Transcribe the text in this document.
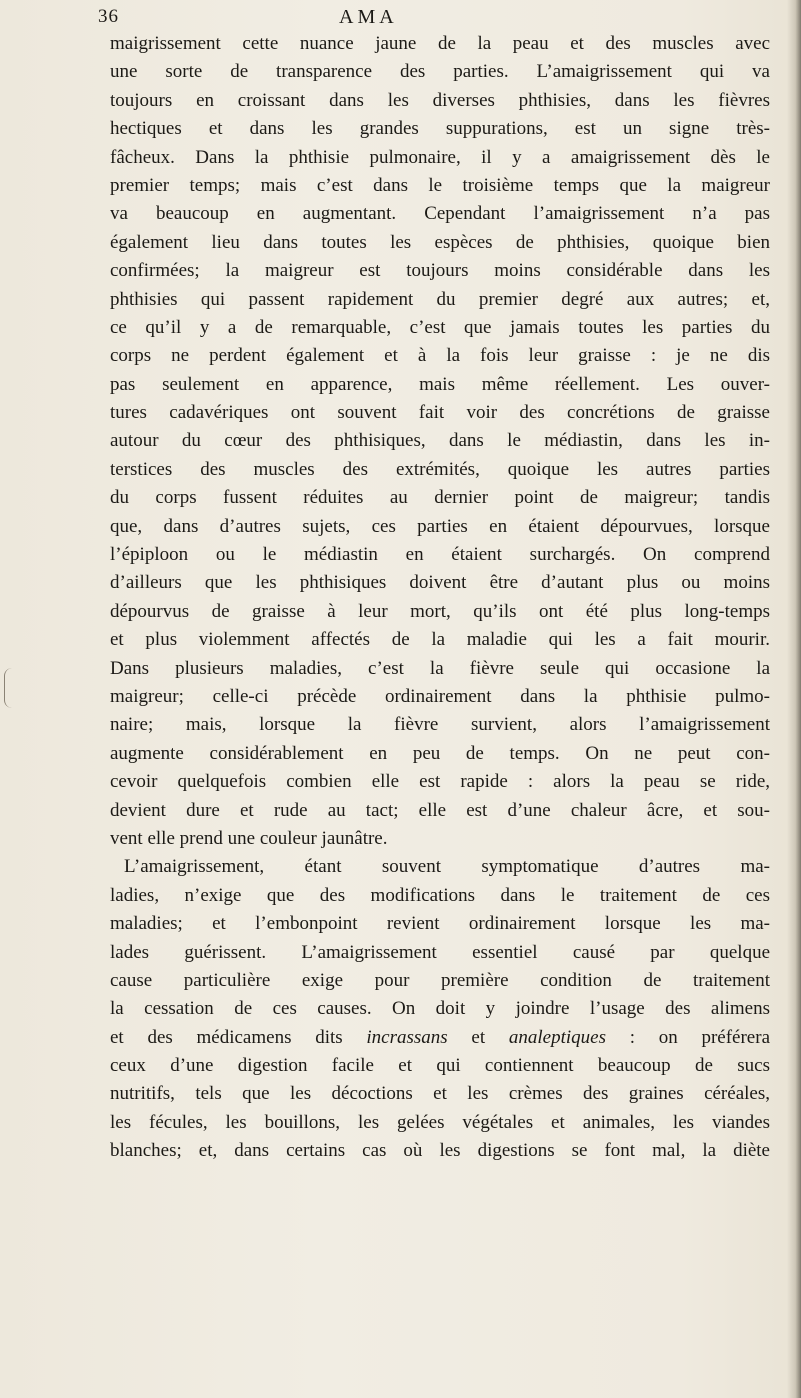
36	AMA
maigrissement cette nuance jaune de la peau et des muscles avec
une sorte de transparence des parties. L’amaigrissement qui va
toujours en croissant dans les diverses phthisies, dans les fièvres
hectiques et dans les grandes suppurations, est un signe très-
fâcheux. Dans la phthisie pulmonaire, il y a amaigrissement dès le
premier temps; mais c’est dans le troisième temps que la maigreur
va beaucoup en augmentant. Cependant l’amaigrissement n’a pas
également lieu dans toutes les espèces de phthisies, quoique bien
confirmées; la maigreur est toujours moins considérable dans les
phthisies qui passent rapidement du premier degré aux autres; et,
ce qu’il y a de remarquable, c’est que jamais toutes les parties du
corps ne perdent également et à la fois leur graisse : je ne dis
pas seulement en apparence, mais même réellement. Les ouver-
tures cadavériques ont souvent fait voir des concrétions de graisse
autour du cœur des phthisiques, dans le médiastin, dans les in-
terstices des muscles des extrémités, quoique les autres parties
du corps fussent réduites au dernier point de maigreur; tandis
que, dans d’autres sujets, ces parties en étaient dépourvues, lorsque
l’épiploon ou le médiastin en étaient surchargés. On comprend
d’ailleurs que les phthisiques doivent être d’autant plus ou moins
dépourvus de graisse à leur mort, qu’ils ont été plus long-temps
et plus violemment affectés de la maladie qui les a fait mourir.
Dans plusieurs maladies, c’est la fièvre seule qui occasione la
maigreur; celle-ci précède ordinairement dans la phthisie pulmo-
naire; mais, lorsque la fièvre survient, alors l’amaigrissement
augmente considérablement en peu de temps. On ne peut con-
cevoir quelquefois combien elle est rapide : alors la peau se ride,
devient dure et rude au tact; elle est d’une chaleur âcre, et sou-
vent elle prend une couleur jaunâtre.
L’amaigrissement, étant souvent symptomatique d’autres ma-
ladies, n’exige que des modifications dans le traitement de ces
maladies; et l’embonpoint revient ordinairement lorsque les ma-
lades guérissent. L’amaigrissement essentiel causé par quelque
cause particulière exige pour première condition de traitement
la cessation de ces causes. On doit y joindre l’usage des alimens
et des médicamens dits incrassans et analeptiques : on préférera
ceux d’une digestion facile et qui contiennent beaucoup de sucs
nutritifs, tels que les décoctions et les crèmes des graines céréales,
les fécules, les bouillons, les gelées végétales et animales, les viandes
blanches; et, dans certains cas où les digestions se font mal, la diète
